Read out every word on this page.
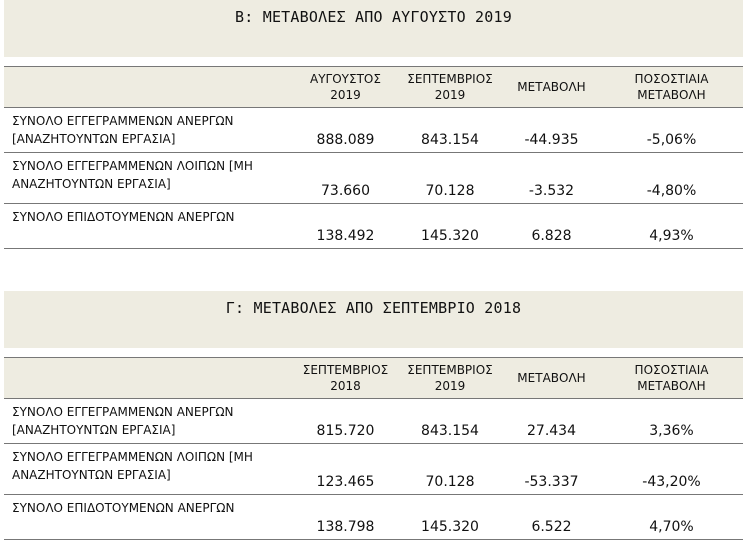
Β: ΜΕΤΑΒΟΛΕΣ ΑΠΟ ΑΥΓΟΥΣΤΟ 2019
	ΑΥΓΟΥΣΤΟΣ 2019	ΣΕΠΤΕΜΒΡΙΟΣ 2019	ΜΕΤΑΒΟΛΗ	ΠΟΣΟΣΤΙΑΙΑ ΜΕΤΑΒΟΛΗ
ΣΥΝΟΛΟ ΕΓΓΕΓΡΑΜΜΕΝΩΝ ΑΝΕΡΓΩΝ [ΑΝΑΖΗΤΟΥΝΤΩΝ ΕΡΓΑΣΙΑ]	888.089	843.154	-44.935	-5,06%
ΣΥΝΟΛΟ ΕΓΓΕΓΡΑΜΜΕΝΩΝ ΛΟΙΠΩΝ [ΜΗ ΑΝΑΖΗΤΟΥΝΤΩΝ ΕΡΓΑΣΙΑ]	73.660	70.128	-3.532	-4,80%
ΣΥΝΟΛΟ ΕΠΙΔΟΤΟΥΜΕΝΩΝ ΑΝΕΡΓΩΝ	138.492	145.320	6.828	4,93%
Γ: ΜΕΤΑΒΟΛΕΣ ΑΠΟ ΣΕΠΤΕΜΒΡΙΟ 2018
	ΣΕΠΤΕΜΒΡΙΟΣ 2018	ΣΕΠΤΕΜΒΡΙΟΣ 2019	ΜΕΤΑΒΟΛΗ	ΠΟΣΟΣΤΙΑΙΑ ΜΕΤΑΒΟΛΗ
ΣΥΝΟΛΟ ΕΓΓΕΓΡΑΜΜΕΝΩΝ ΑΝΕΡΓΩΝ [ΑΝΑΖΗΤΟΥΝΤΩΝ ΕΡΓΑΣΙΑ]	815.720	843.154	27.434	3,36%
ΣΥΝΟΛΟ ΕΓΓΕΓΡΑΜΜΕΝΩΝ ΛΟΙΠΩΝ [ΜΗ ΑΝΑΖΗΤΟΥΝΤΩΝ ΕΡΓΑΣΙΑ]	123.465	70.128	-53.337	-43,20%
ΣΥΝΟΛΟ ΕΠΙΔΟΤΟΥΜΕΝΩΝ ΑΝΕΡΓΩΝ	138.798	145.320	6.522	4,70%
